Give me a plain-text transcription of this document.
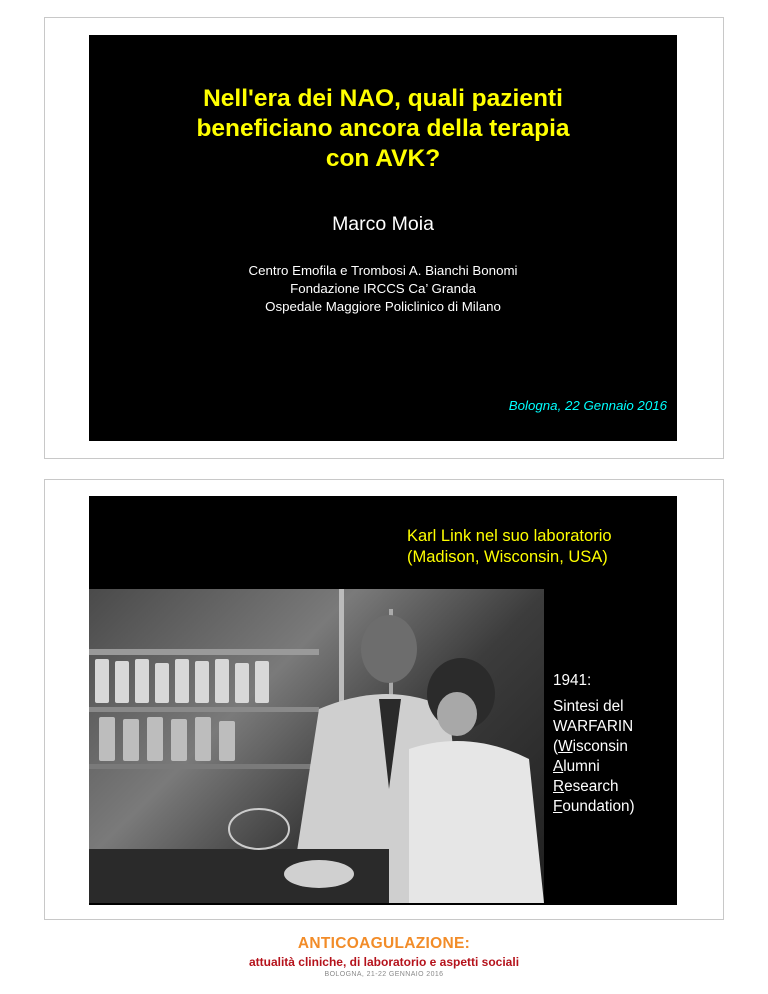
Nell'era dei NAO, quali pazienti
beneficiano ancora della terapia
con AVK?
Marco Moia
Centro Emofila e Trombosi A. Bianchi Bonomi
Fondazione IRCCS Ca’ Granda
Ospedale Maggiore Policlinico di Milano
Bologna, 22 Gennaio 2016
Karl Link nel suo laboratorio
(Madison, Wisconsin, USA)
1941:
Sintesi del
WARFARIN
(Wisconsin
Alumni
Research
Foundation)
ANTICOAGULAZIONE:
attualità cliniche, di laboratorio e aspetti sociali
BOLOGNA, 21-22 GENNAIO 2016
